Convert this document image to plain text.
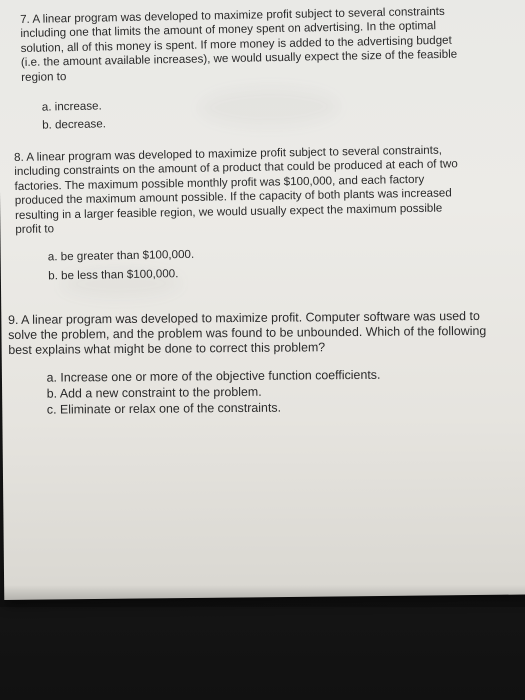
7. A linear program was developed to maximize profit subject to several constraints
including one that limits the amount of money spent on advertising. In the optimal
solution, all of this money is spent. If more money is added to the advertising budget
(i.e. the amount available increases), we would usually expect the size of the feasible
region to

a. increase.
b. decrease.

8. A linear program was developed to maximize profit subject to several constraints,
including constraints on the amount of a product that could be produced at each of two
factories. The maximum possible monthly profit was $100,000, and each factory
produced the maximum amount possible. If the capacity of both plants was increased
resulting in a larger feasible region, we would usually expect the maximum possible
profit to

a. be greater than $100,000.
b. be less than $100,000.

9. A linear program was developed to maximize profit. Computer software was used to
solve the problem, and the problem was found to be unbounded. Which of the following
best explains what might be done to correct this problem?

a. Increase one or more of the objective function coefficients.
b. Add a new constraint to the problem.
c. Eliminate or relax one of the constraints.
